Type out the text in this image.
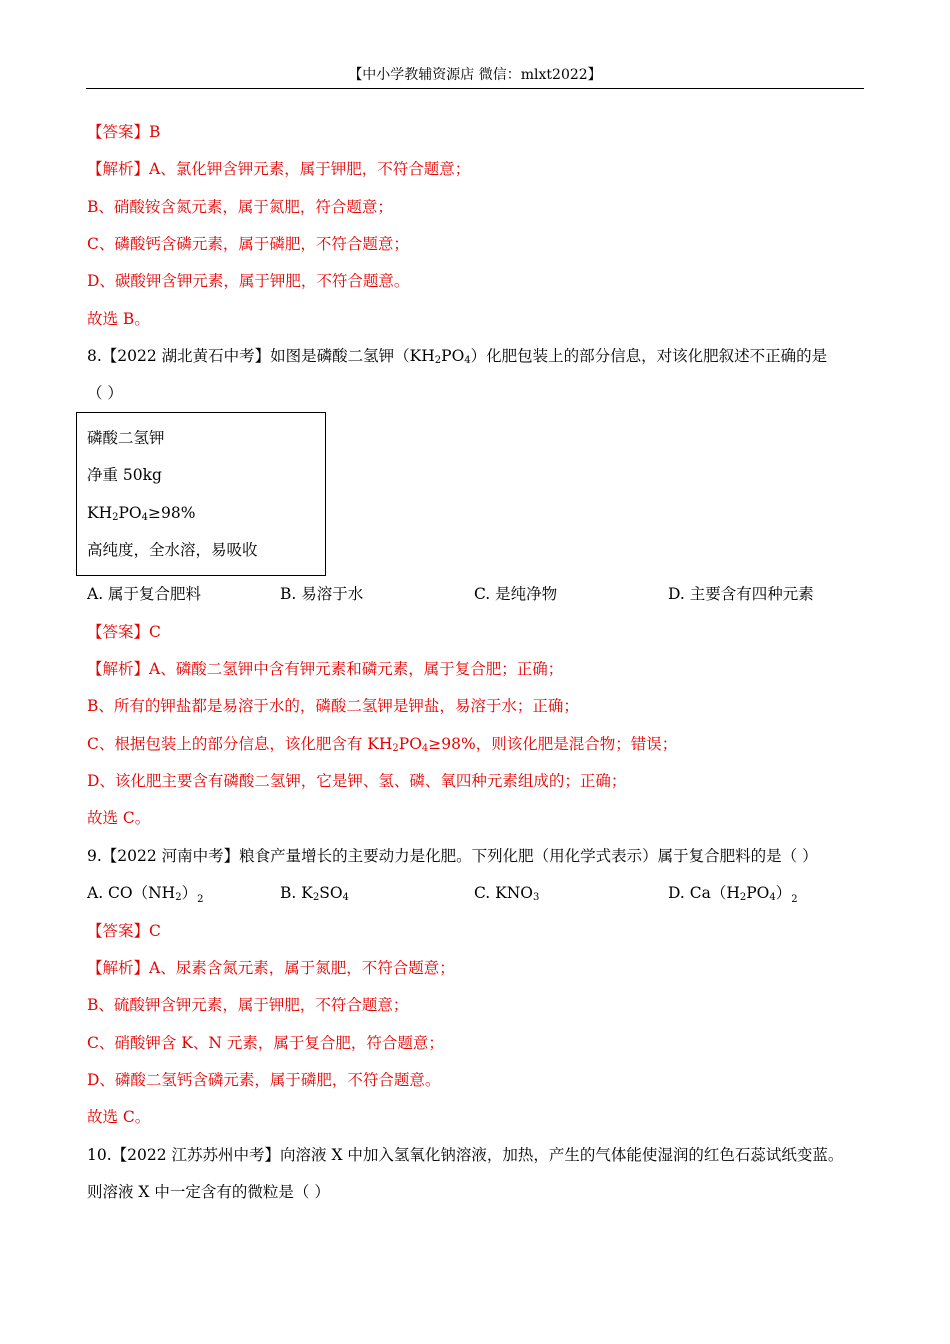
【中小学教辅资源店 微信：mlxt2022】
【答案】B
【解析】A、氯化钾含钾元素，属于钾肥，不符合题意；
B、硝酸铵含氮元素，属于氮肥，符合题意；
C、磷酸钙含磷元素，属于磷肥，不符合题意；
D、碳酸钾含钾元素，属于钾肥，不符合题意。
故选 B。
8.【2022 湖北黄石中考】如图是磷酸二氢钾$(KH_2PO_4)$化肥包装上的部分信息，对该化肥叙述不正确的是
（ ）
磷酸二氢钾
净重 50kg
$KH_2PO_4\ge 98\%$
高纯度，全水溶，易吸收
A. 属于复合肥料	B. 易溶于水	C. 是纯净物	D. 主要含有四种元素
【答案】C
【解析】A、磷酸二氢钾中含有钾元素和磷元素，属于复合肥；正确；
B、所有的钾盐都是易溶于水的，磷酸二氢钾是钾盐，易溶于水；正确；
C、根据包装上的部分信息，该化肥含有 $KH_2PO_4\ge 98\%$，则该化肥是混合物；错误；
D、该化肥主要含有磷酸二氢钾，它是钾、氢、磷、氧四种元素组成的；正确；
故选 C。
9.【2022 河南中考】粮食产量增长的主要动力是化肥。下列化肥（用化学式表示）属于复合肥料的是（ ）
A. $CO(NH_2)_2$	B. $K_2SO_4$	C. $KNO_3$	D. $Ca(H_2PO_4)_2$
【答案】C
【解析】A、尿素含氮元素，属于氮肥，不符合题意；
B、硫酸钾含钾元素，属于钾肥，不符合题意；
C、硝酸钾含 K、N 元素，属于复合肥，符合题意；
D、磷酸二氢钙含磷元素，属于磷肥，不符合题意。
故选 C。
10.【2022 江苏苏州中考】向溶液 X 中加入氢氧化钠溶液，加热，产生的气体能使湿润的红色石蕊试纸变蓝。
则溶液 X 中一定含有的微粒是（ ）
